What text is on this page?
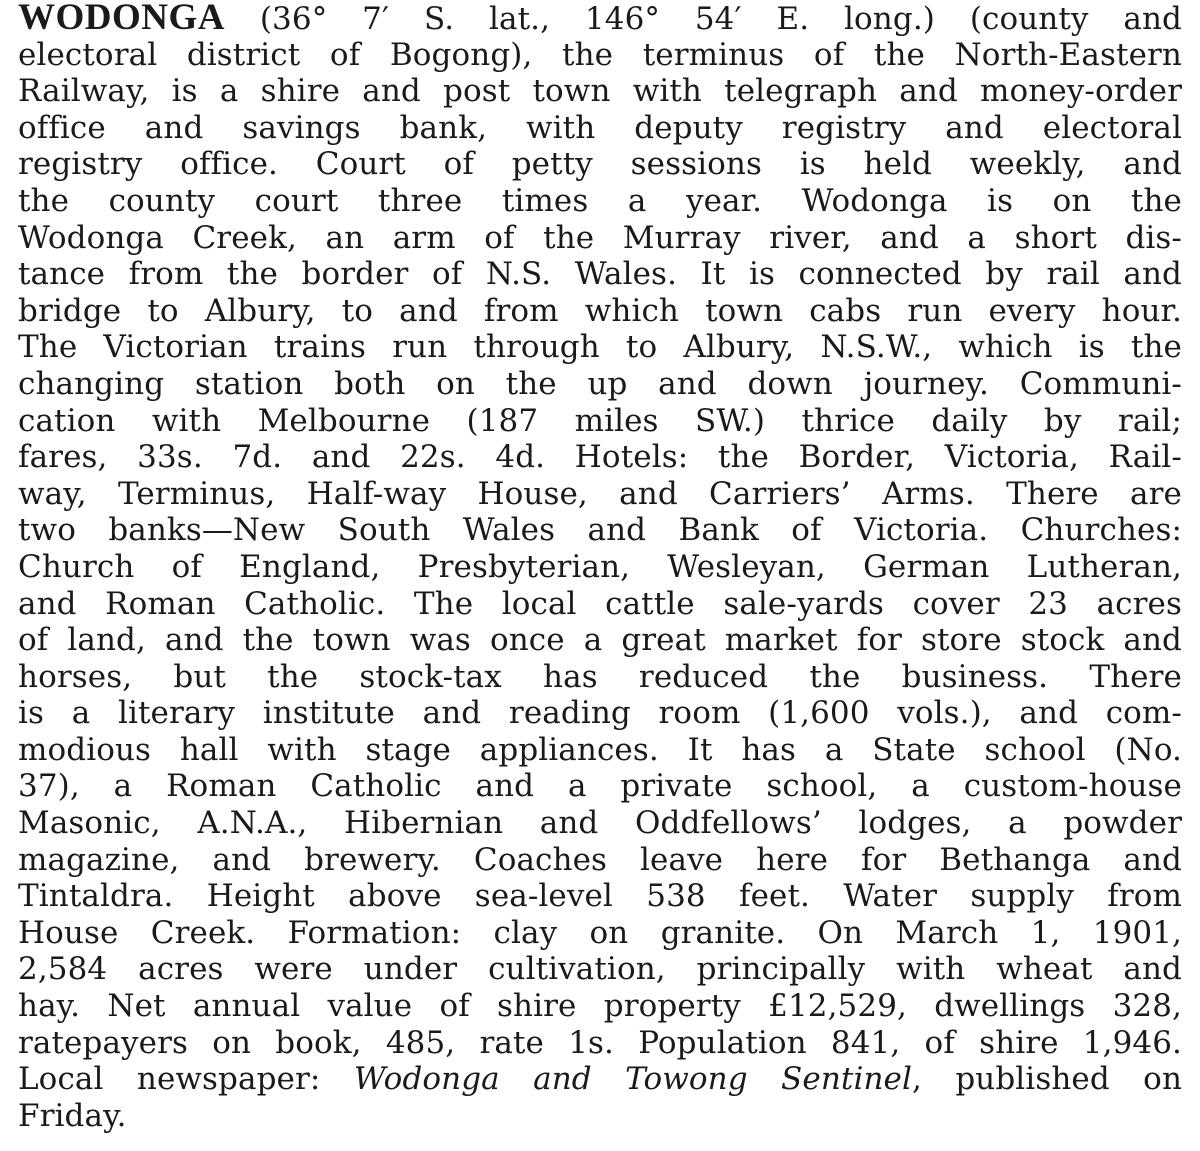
WODONGA (36° 7′ S. lat., 146° 54′ E. long.) (county and
electoral district of Bogong), the terminus of the North-Eastern
Railway, is a shire and post town with telegraph and money-order
office and savings bank, with deputy registry and electoral
registry office. Court of petty sessions is held weekly, and
the county court three times a year. Wodonga is on the
Wodonga Creek, an arm of the Murray river, and a short dis-
tance from the border of N.S. Wales. It is connected by rail and
bridge to Albury, to and from which town cabs run every hour.
The Victorian trains run through to Albury, N.S.W., which is the
changing station both on the up and down journey. Communi-
cation with Melbourne (187 miles SW.) thrice daily by rail;
fares, 33s. 7d. and 22s. 4d. Hotels: the Border, Victoria, Rail-
way, Terminus, Half-way House, and Carriers’ Arms. There are
two banks—New South Wales and Bank of Victoria. Churches:
Church of England, Presbyterian, Wesleyan, German Lutheran,
and Roman Catholic. The local cattle sale-yards cover 23 acres
of land, and the town was once a great market for store stock and
horses, but the stock-tax has reduced the business. There
is a literary institute and reading room (1,600 vols.), and com-
modious hall with stage appliances. It has a State school (No.
37), a Roman Catholic and a private school, a custom-house
Masonic, A.N.A., Hibernian and Oddfellows’ lodges, a powder
magazine, and brewery. Coaches leave here for Bethanga and
Tintaldra. Height above sea-level 538 feet. Water supply from
House Creek. Formation: clay on granite. On March 1, 1901,
2,584 acres were under cultivation, principally with wheat and
hay. Net annual value of shire property £12,529, dwellings 328,
ratepayers on book, 485, rate 1s. Population 841, of shire 1,946.
Local newspaper: Wodonga and Towong Sentinel, published on
Friday.
